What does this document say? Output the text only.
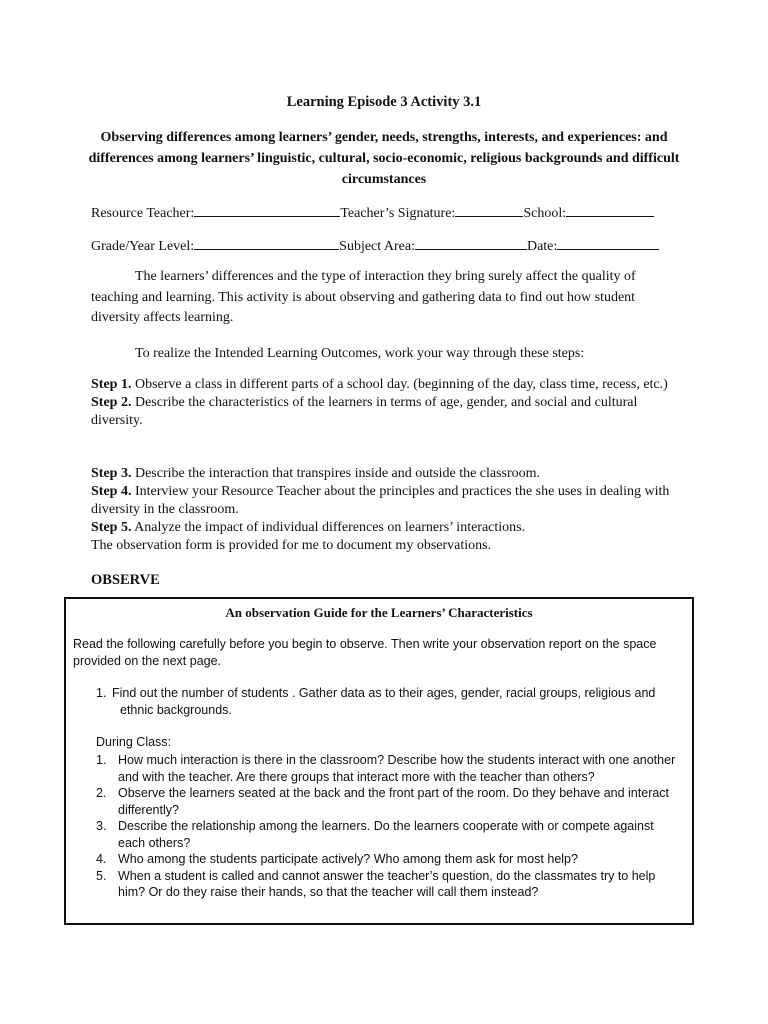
Learning Episode 3 Activity 3.1
Observing differences among learners’ gender, needs, strengths, interests, and experiences: and differences among learners’ linguistic, cultural, socio-economic, religious backgrounds and difficult circumstances
Resource Teacher:	Teacher’s Signature:	School:
Grade/Year Level:	Subject Area:	Date:
The learners’ differences and the type of interaction they bring surely affect the quality of teaching and learning. This activity is about observing and gathering data to find out how student diversity affects learning.
To realize the Intended Learning Outcomes, work your way through these steps:
Step 1. Observe a class in different parts of a school day. (beginning of the day, class time, recess, etc.)
Step 2. Describe the characteristics of the learners in terms of age, gender, and social and cultural diversity.
Step 3. Describe the interaction that transpires inside and outside the classroom.
Step 4. Interview your Resource Teacher about the principles and practices the she uses in dealing with diversity in the classroom.
Step 5. Analyze the impact of individual differences on learners’ interactions.
The observation form is provided for me to document my observations.
OBSERVE
An observation Guide for the Learners’ Characteristics
Read the following carefully before you begin to observe. Then write your observation report on the space provided on the next page.
1. Find out the number of students . Gather data as to their ages, gender, racial groups, religious and
ethnic backgrounds.
During Class:
1. How much interaction is there in the classroom? Describe how the students interact with one another and with the teacher. Are there groups that interact more with the teacher than others?
2. Observe the learners seated at the back and the front part of the room. Do they behave and interact differently?
3. Describe the relationship among the learners. Do the learners cooperate with or compete against each others?
4. Who among the students participate actively? Who among them ask for most help?
5. When a student is called and cannot answer the teacher’s question, do the classmates try to help him? Or do they raise their hands, so that the teacher will call them instead?
